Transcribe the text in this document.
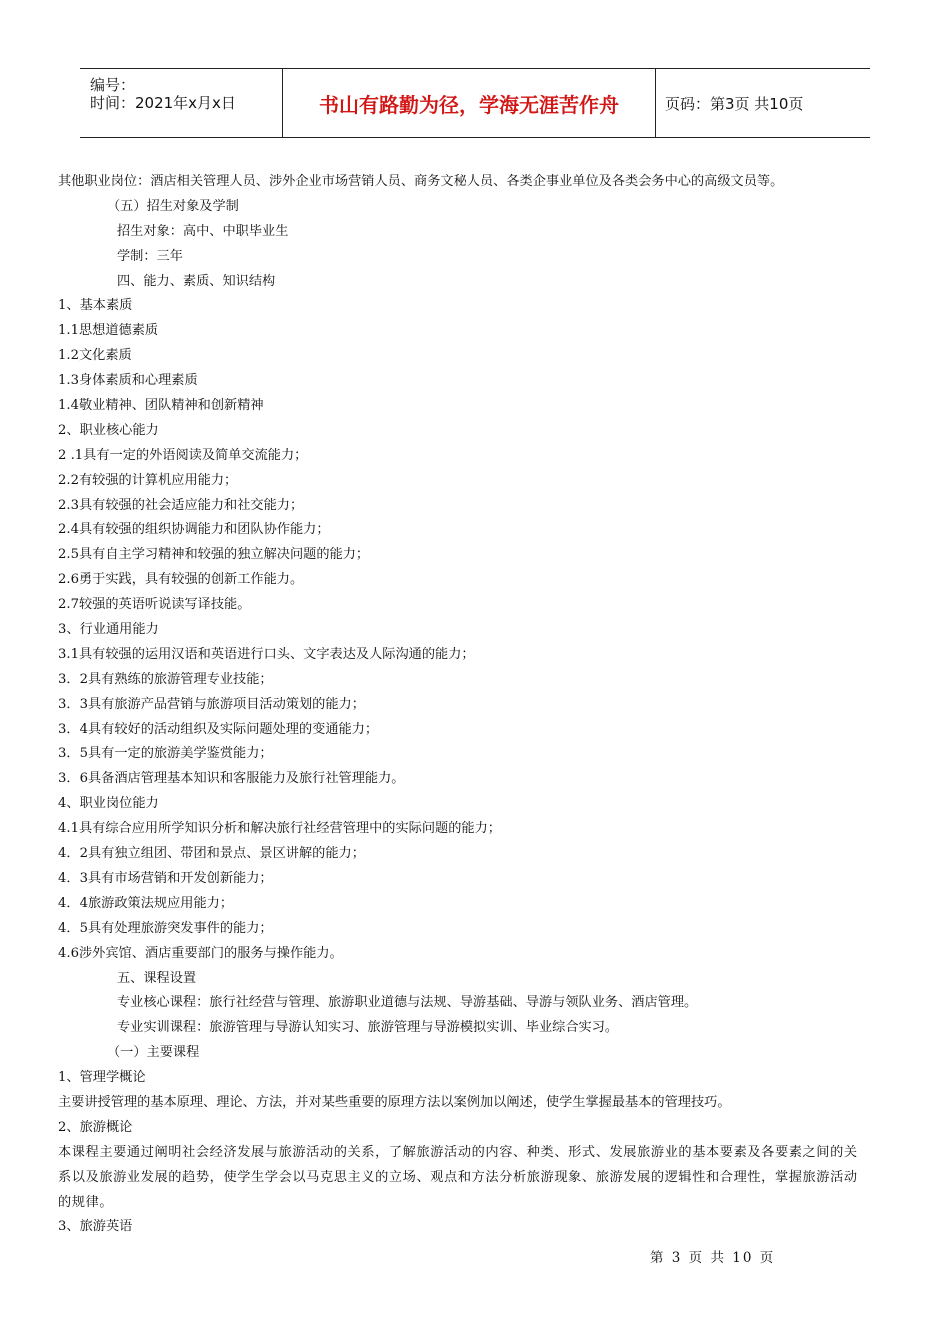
编号：
时间：2021年x月x日	书山有路勤为径，学海无涯苦作舟	页码：第3页 共10页
其他职业岗位：酒店相关管理人员、涉外企业市场营销人员、商务文秘人员、各类企事业单位及各类会务中心的高级文员等。
（五）招生对象及学制
招生对象：高中、中职毕业生
学制：三年
四、能力、素质、知识结构
1、基本素质
1.1思想道德素质
1.2文化素质
1.3身体素质和心理素质
1.4敬业精神、团队精神和创新精神
2、职业核心能力
2 .1具有一定的外语阅读及简单交流能力；
2.2有较强的计算机应用能力；
2.3具有较强的社会适应能力和社交能力；
2.4具有较强的组织协调能力和团队协作能力；
2.5具有自主学习精神和较强的独立解决问题的能力；
2.6勇于实践，具有较强的创新工作能力。
2.7较强的英语听说读写译技能。
3、行业通用能力
3.1具有较强的运用汉语和英语进行口头、文字表达及人际沟通的能力；
3．2具有熟练的旅游管理专业技能；
3．3具有旅游产品营销与旅游项目活动策划的能力；
3．4具有较好的活动组织及实际问题处理的变通能力；
3．5具有一定的旅游美学鉴赏能力；
3．6具备酒店管理基本知识和客服能力及旅行社管理能力。
4、职业岗位能力
4.1具有综合应用所学知识分析和解决旅行社经营管理中的实际问题的能力；
4．2具有独立组团、带团和景点、景区讲解的能力；
4．3具有市场营销和开发创新能力；
4．4旅游政策法规应用能力；
4．5具有处理旅游突发事件的能力；
4.6涉外宾馆、酒店重要部门的服务与操作能力。
五、课程设置
专业核心课程：旅行社经营与管理、旅游职业道德与法规、导游基础、导游与领队业务、酒店管理。
专业实训课程：旅游管理与导游认知实习、旅游管理与导游模拟实训、毕业综合实习。
（一）主要课程
1、管理学概论
主要讲授管理的基本原理、理论、方法，并对某些重要的原理方法以案例加以阐述，使学生掌握最基本的管理技巧。
2、旅游概论
本课程主要通过阐明社会经济发展与旅游活动的关系，了解旅游活动的内容、种类、形式、发展旅游业的基本要素及各要素之间的关
系以及旅游业发展的趋势，使学生学会以马克思主义的立场、观点和方法分析旅游现象、旅游发展的逻辑性和合理性，掌握旅游活动
的规律。
3、旅游英语
第 3 页 共 10 页
